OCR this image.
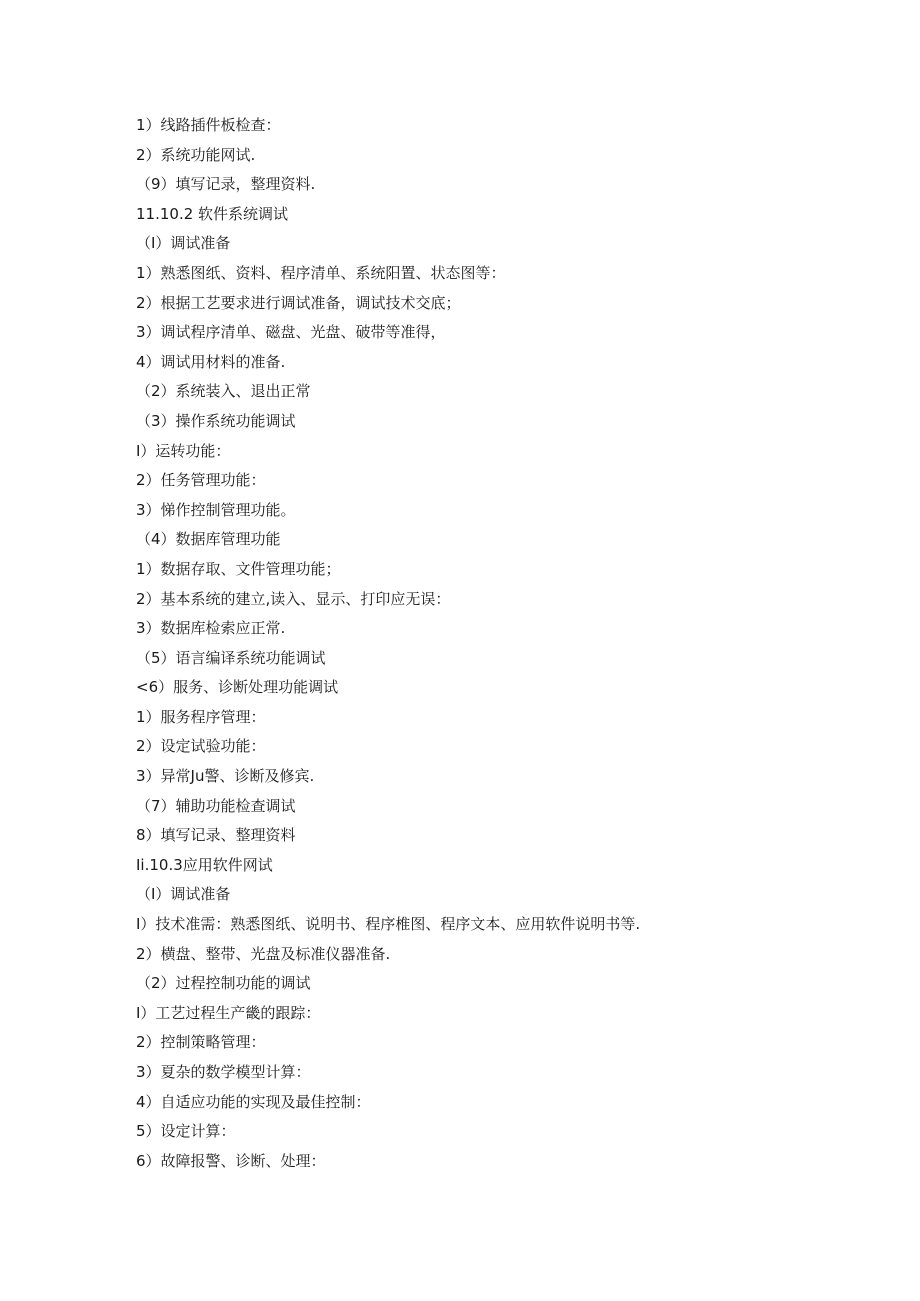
1）线路插件板检查：
2）系统功能网试.
（9）填写记录，整理资料.
11.10.2 软件系统调试
（I）调试准备
1）熟悉图纸、资料、程序清单、系统阳置、状态图等：
2）根据工艺要求进行调试准备，调试技术交底；
3）调试程序清单、磁盘、光盘、破带等准得，
4）调试用材料的准备.
（2）系统装入、退出正常
（3）操作系统功能调试
I）运转功能：
2）任务管理功能：
3）悌作控制管理功能。
（4）数据库管理功能
1）数据存取、文件管理功能；
2）基本系统的建立,读入、显示、打印应无误：
3）数据库检索应正常.
（5）语言编译系统功能调试
<6）服务、诊断处理功能调试
1）服务程序管理：
2）设定试验功能：
3）异常Ju警、诊断及修宾.
（7）辅助功能检查调试
8）填写记录、整理资料
Ii.10.3应用软件网试
（I）调试准备
I）技术准需：熟悉图纸、说明书、程序椎图、程序文本、应用软件说明书等.
2）横盘、整带、光盘及标准仪器准备.
（2）过程控制功能的调试
I）工艺过程生产畿的跟踪：
2）控制策略管理：
3）夏杂的数学模型计算：
4）自适应功能的实现及最佳控制：
5）设定计算：
6）故障报警、诊断、处理：
